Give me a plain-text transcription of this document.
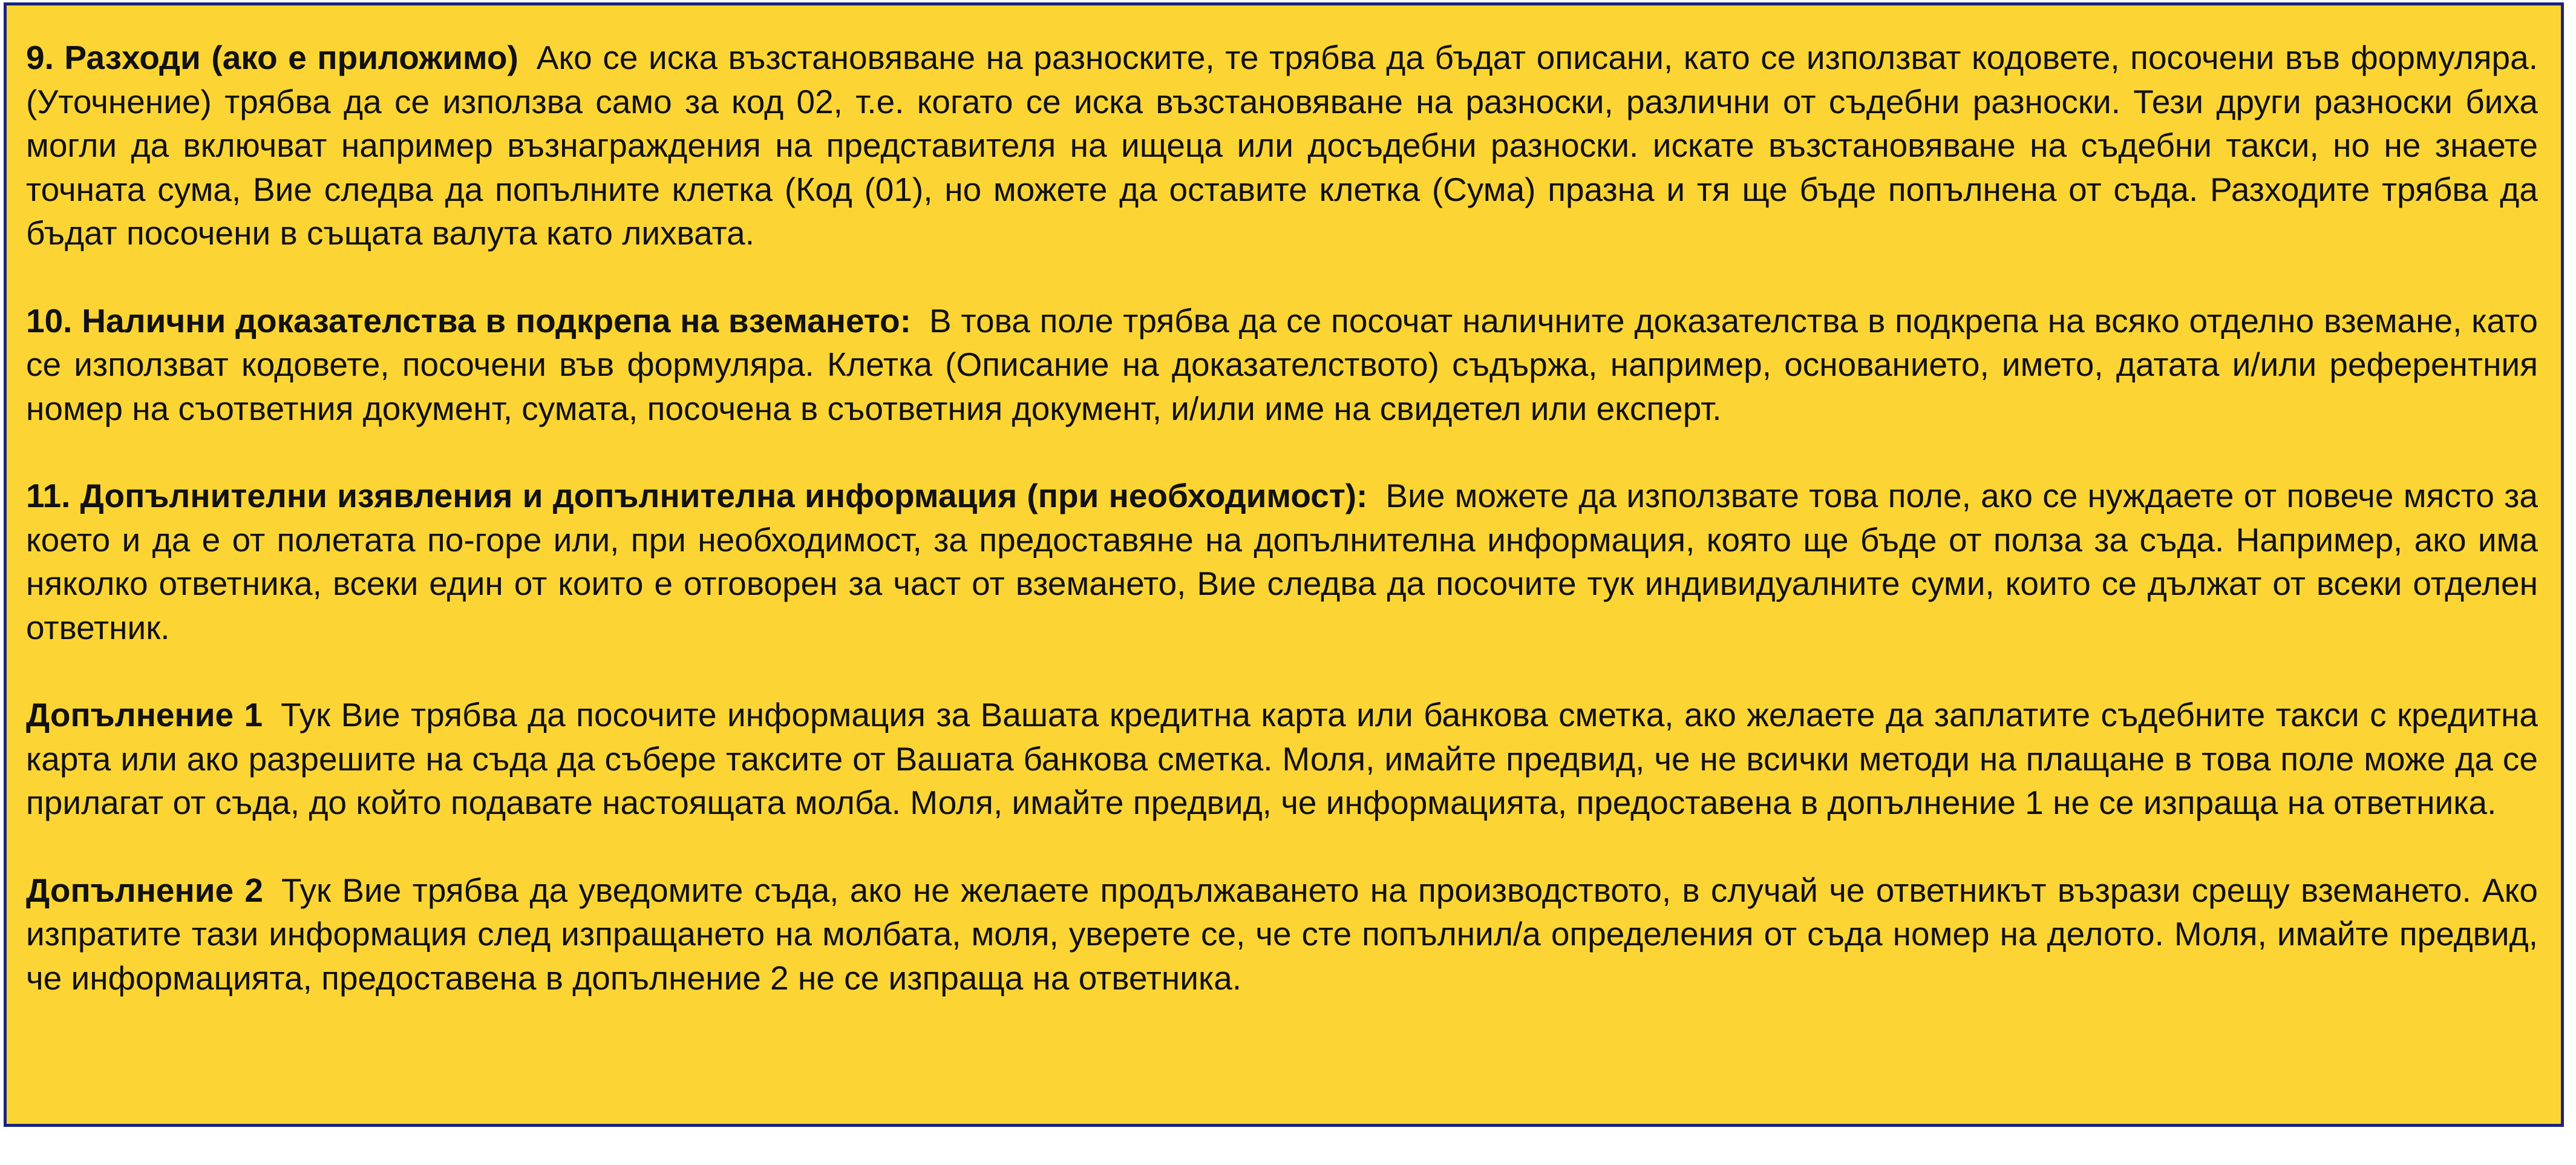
9. Разходи (ако е приложимо) Ако се иска възстановяване на разноските, те трябва да бъдат описани, като се използват кодовете, посочени във формуляра. (Уточнение) трябва да се използва само за код 02, т.е. когато се иска възстановяване на разноски, различни от съдебни разноски. Тези други разноски биха могли да включват например възнаграждения на представителя на ищеца или досъдебни разноски. искате възстановяване на съдебни такси, но не знаете точната сума, Вие следва да попълните клетка (Код (01), но можете да оставите клетка (Сума) празна и тя ще бъде попълнена от съда. Разходите трябва да бъдат посочени в същата валута като лихвата.

10. Налични доказателства в подкрепа на вземането: В това поле трябва да се посочат наличните доказателства в подкрепа на всяко отделно вземане, като се използват кодовете, посочени във формуляра. Клетка (Описание на доказателството) съдържа, например, основанието, името, датата и/или референтния номер на съответния документ, сумата, посочена в съответния документ, и/или име на свидетел или експерт.

11. Допълнителни изявления и допълнителна информация (при необходимост): Вие можете да използвате това поле, ако се нуждаете от повече място за което и да е от полетата по-горе или, при необходимост, за предоставяне на допълнителна информация, която ще бъде от полза за съда. Например, ако има няколко ответника, всеки един от които е отговорен за част от вземането, Вие следва да посочите тук индивидуалните суми, които се дължат от всеки отделен ответник.

Допълнение 1 Тук Вие трябва да посочите информация за Вашата кредитна карта или банкова сметка, ако желаете да заплатите съдебните такси с кредитна карта или ако разрешите на съда да събере таксите от Вашата банкова сметка. Моля, имайте предвид, че не всички методи на плащане в това поле може да се прилагат от съда, до който подавате настоящата молба. Моля, имайте предвид, че информацията, предоставена в допълнение 1 не се изпраща на ответника.

Допълнение 2 Тук Вие трябва да уведомите съда, ако не желаете продължаването на производството, в случай че ответникът възрази срещу вземането. Ако изпратите тази информация след изпращането на молбата, моля, уверете се, че сте попълнил/а определения от съда номер на делото. Моля, имайте предвид, че информацията, предоставена в допълнение 2 не се изпраща на ответника.
